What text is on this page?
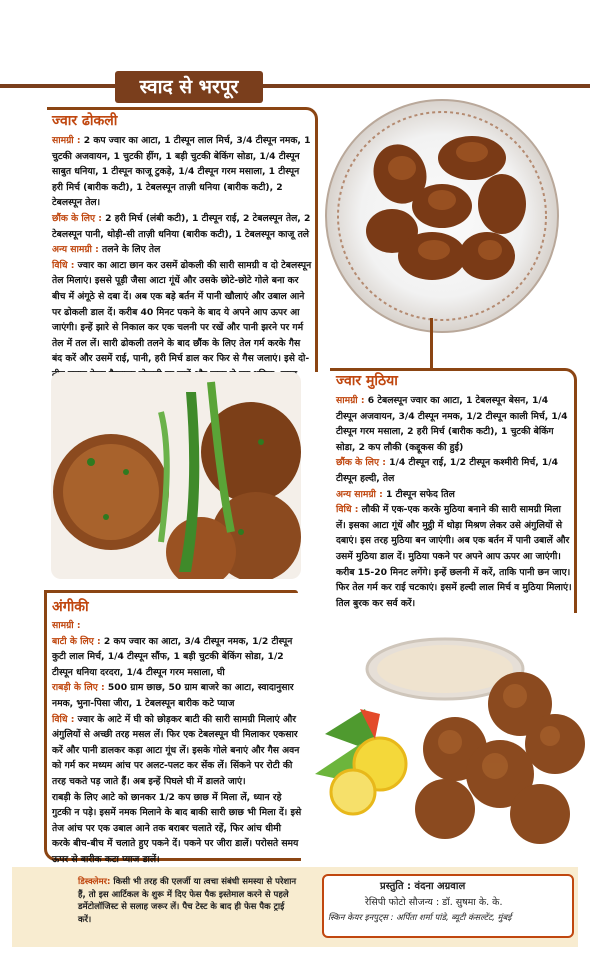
स्वाद से भरपूर
ज्वार ढोकली
सामग्री : 2 कप ज्वार का आटा, 1 टीस्पून लाल मिर्च, 3/4 टीस्पून नमक, 1 चुटकी अजवायन, 1 चुटकी हींग, 1 बड़ी चुटकी बेकिंग सोडा, 1/4 टीस्पून साबुत धनिया, 1 टीस्पून काजू टुकड़े, 1/4 टीस्पून गरम मसाला, 1 टीस्पून हरी मिर्च (बारीक कटी), 1 टेबलस्पून ताज़ी धनिया (बारीक कटी), 2 टेबलस्पून तेल।
छौंक के लिए : 2 हरी मिर्च (लंबी कटी), 1 टीस्पून राई, 2 टेबलस्पून तेल, 2 टेबलस्पून पानी, थोड़ी-सी ताज़ी धनिया (बारीक कटी), 1 टेबलस्पून काजू तले
अन्य सामग्री : तलने के लिए तेल
विधि : ज्वार का आटा छान कर उसमें ढोकली की सारी सामग्री व दो टेबलस्पून तेल मिलाएं। इससे पूड़ी जैसा आटा गूंधें और उसके छोटे-छोटे गोले बना कर बीच में अंगूठे से दबा दें। अब एक बड़े बर्तन में पानी खौलाएं और उबाल आने पर ढोकली डाल दें। करीब 40 मिनट पकने के बाद ये अपने आप ऊपर आ जाएंगी। इन्हें झारे से निकाल कर एक चलनी पर रखें और पानी झरने पर गर्म तेल में तल लें। सारी ढोकली तलने के बाद छौंक के लिए तेल गर्म करके गैस बंद करें और उसमें राई, पानी, हरी मिर्च डाल कर फिर से गैस जलाएं। इसे दो-
ज्वार मुठिया
सामग्री : 6 टेबलस्पून ज्वार का आटा, 1 टेबलस्पून बेसन, 1/4 टीस्पून अजवायन, 3/4 टीस्पून नमक, 1/2 टीस्पून काली मिर्च, 1/4 टीस्पून गरम मसाला, 2 हरी मिर्च (बारीक कटी), 1 चुटकी बेकिंग सोडा, 2 कप लौकी (कद्दूकस की हुई)
छौंक के लिए : 1/4 टीस्पून राई, 1/2 टीस्पून कश्मीरी मिर्च, 1/4 टीस्पून हल्दी, तेल
अन्य सामग्री : 1 टीस्पून सफेद तिल
विधि : लौकी में एक-एक करके मुठिया बनाने की सारी सामग्री मिला लें। इसका आटा गूंधें और मुट्ठी में थोड़ा मिश्रण लेकर उसे अंगुलियों से दबाएं। इस तरह मुठिया बन जाएंगी। अब एक बर्तन में पानी उबालें और उसमें मुठिया डाल दें। मुठिया पकने पर अपने आप ऊपर आ जाएंगी। करीब 15-20 मिनट लगेंगे। इन्हें छलनी में करें, ताकि पानी छन जाए। फिर तेल गर्म कर राई चटकाएं। इसमें हल्दी लाल मिर्च व मुठिया मिलाएं। तिल बुरक कर सर्व करें।
अंगीकी
सामग्री :
बाटी के लिए : 2 कप ज्वार का आटा, 3/4 टीस्पून नमक, 1/2 टीस्पून कुटी लाल मिर्च, 1/4 टीस्पून सौंफ, 1 बड़ी चुटकी बेकिंग सोडा, 1/2 टीस्पून धनिया दरदरा, 1/4 टीस्पून गरम मसाला, घी
राबड़ी के लिए : 500 ग्राम छाछ, 50 ग्राम बाजरे का आटा, स्वादानुसार नमक, भुना-पिसा जीरा, 1 टेबलस्पून बारीक कटे प्याज
विधि : ज्वार के आटे में घी को छोड़कर बाटी की सारी सामग्री मिलाएं और अंगुलियों से अच्छी तरह मसल लें। फिर एक टेबलस्पून घी मिलाकर एकसार करें और पानी डालकर कड़ा आटा गूंध लें। इसके गोले बनाएं और गैस अवन को गर्म कर मध्यम आंच पर अलट-पलट कर सेंक लें। सिंकने पर रोटी की तरह चकते पड़ जाते हैं। अब इन्हें पिघले घी में डालते जाएं।
राबड़ी के लिए आटे को छानकर 1/2 कप छाछ में मिला लें, ध्यान रहे गुटकी न पड़े। इसमें नमक मिलाने के बाद बाकी सारी छाछ भी मिला दें। इसे तेज आंच पर एक उबाल आने तक बराबर चलाते रहें, फिर आंच धीमी करके बीच-बीच में चलाते हुए पकने दें। पकने पर जीरा डालें। परोसते समय ऊपर से बारीक कटा प्याज डालें।
डिस्क्लेमर: किसी भी तरह की एलर्जी या त्वचा संबंधी समस्या से परेशान हैं, तो इस आर्टिकल के शुरू में दिए फेस पैक इस्तेमाल करने से पहले डर्मेटोलॉजिस्ट से सलाह जरूर लें। पैच टेस्ट के बाद ही फेस पैक ट्राई करें।
प्रस्तुति : वंदना अग्रवाल
रेसिपी फोटो सौजन्य : डॉ. सुषमा के. के.
स्किन केयर इनपुट्स : अर्पिता शर्मा पांडे, ब्यूटी कंसल्टेंट, मुंबई
